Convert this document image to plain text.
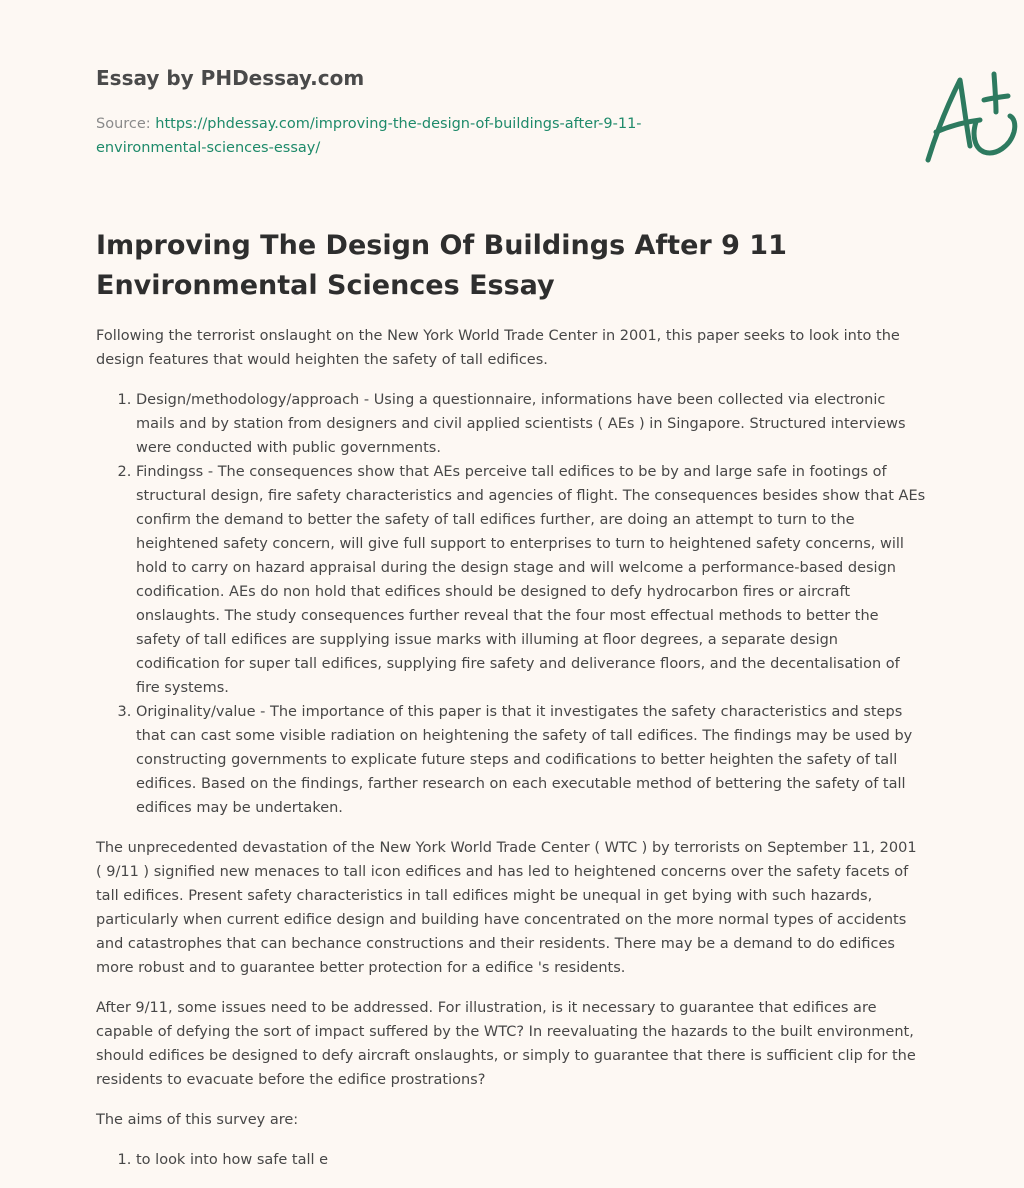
Essay by PHDessay.com
Source: https://phdessay.com/improving-the-design-of-buildings-after-9-11-environmental-sciences-essay/
Improving The Design Of Buildings After 9 11 Environmental Sciences Essay

Following the terrorist onslaught on the New York World Trade Center in 2001, this paper seeks to look into the design features that would heighten the safety of tall edifices.

1. Design/methodology/approach - Using a questionnaire, informations have been collected via electronic mails and by station from designers and civil applied scientists ( AEs ) in Singapore. Structured interviews were conducted with public governments.
2. Findingss - The consequences show that AEs perceive tall edifices to be by and large safe in footings of structural design, fire safety characteristics and agencies of flight. The consequences besides show that AEs confirm the demand to better the safety of tall edifices further, are doing an attempt to turn to the heightened safety concern, will give full support to enterprises to turn to heightened safety concerns, will hold to carry on hazard appraisal during the design stage and will welcome a performance-based design codification. AEs do non hold that edifices should be designed to defy hydrocarbon fires or aircraft onslaughts. The study consequences further reveal that the four most effectual methods to better the safety of tall edifices are supplying issue marks with illuming at floor degrees, a separate design codification for super tall edifices, supplying fire safety and deliverance floors, and the decentalisation of fire systems.
3. Originality/value - The importance of this paper is that it investigates the safety characteristics and steps that can cast some visible radiation on heightening the safety of tall edifices. The findings may be used by constructing governments to explicate future steps and codifications to better heighten the safety of tall edifices. Based on the findings, farther research on each executable method of bettering the safety of tall edifices may be undertaken.

The unprecedented devastation of the New York World Trade Center ( WTC ) by terrorists on September 11, 2001 ( 9/11 ) signified new menaces to tall icon edifices and has led to heightened concerns over the safety facets of tall edifices. Present safety characteristics in tall edifices might be unequal in get bying with such hazards, particularly when current edifice design and building have concentrated on the more normal types of accidents and catastrophes that can bechance constructions and their residents. There may be a demand to do edifices more robust and to guarantee better protection for a edifice 's residents.

After 9/11, some issues need to be addressed. For illustration, is it necessary to guarantee that edifices are capable of defying the sort of impact suffered by the WTC? In reevaluating the hazards to the built environment, should edifices be designed to defy aircraft onslaughts, or simply to guarantee that there is sufficient clip for the residents to evacuate before the edifice prostrations?

The aims of this survey are:

1. to look into how safe tall e
